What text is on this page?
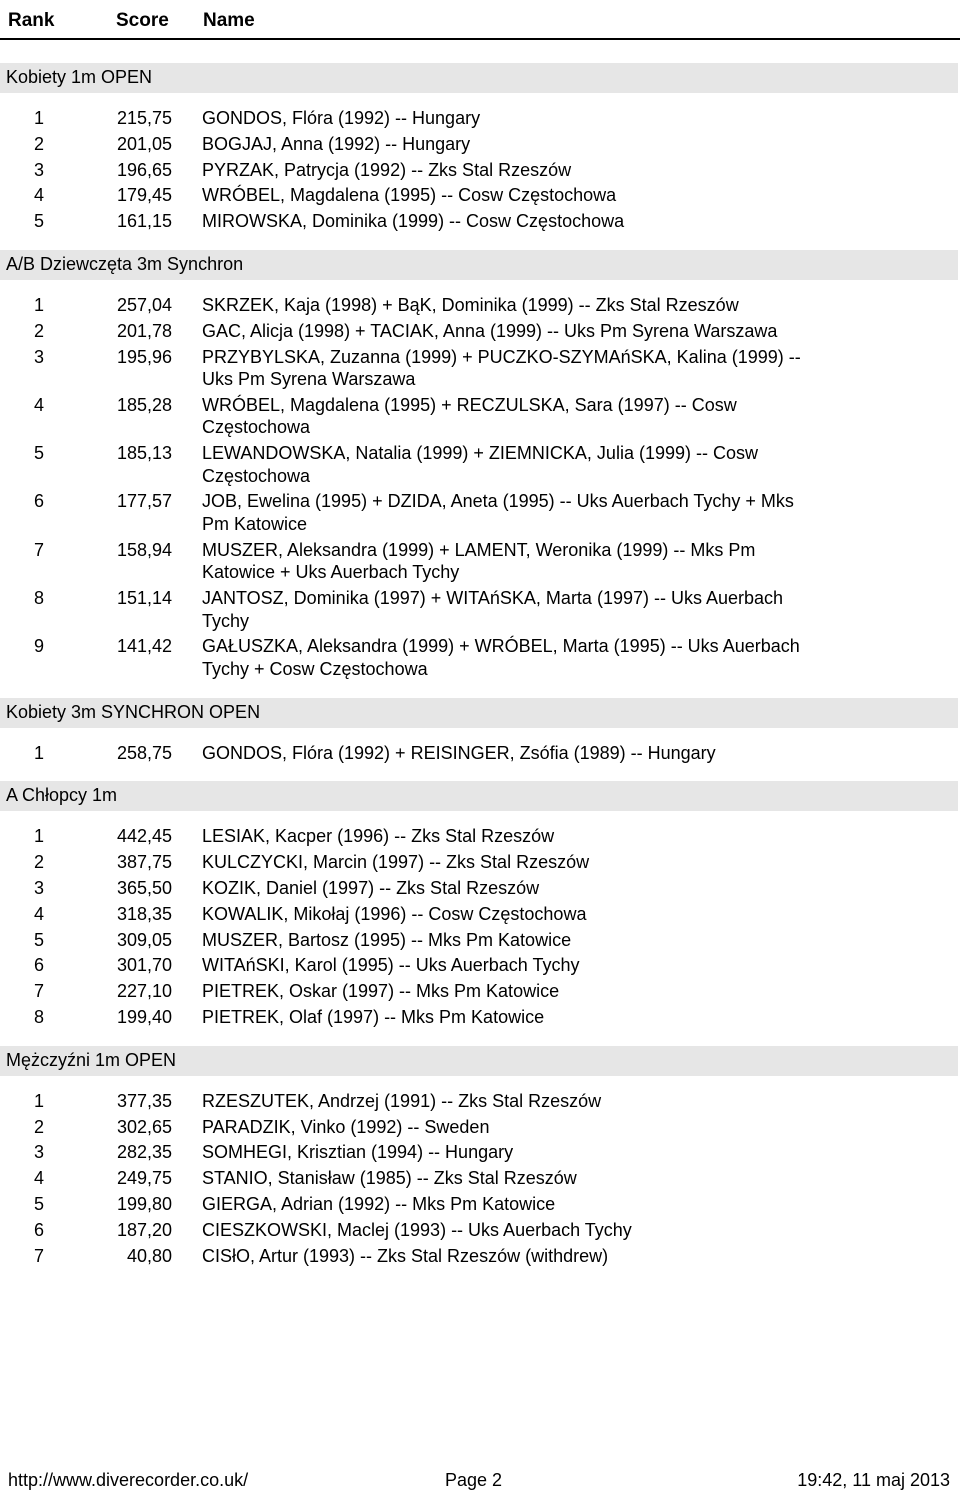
Rank	Score Name
Kobiety 1m OPEN
1	215,75 GONDOS, Flóra (1992) -- Hungary
2	201,05 BOGJAJ, Anna (1992) -- Hungary
3	196,65 PYRZAK, Patrycja (1992) -- Zks Stal Rzeszów
4	179,45 WRÓBEL, Magdalena (1995) -- Cosw Częstochowa
5	161,15 MIROWSKA, Dominika (1999) -- Cosw Częstochowa
A/B Dziewczęta 3m Synchron
1	257,04 SKRZEK, Kaja (1998) + BąK, Dominika (1999) -- Zks Stal Rzeszów
2	201,78 GAC, Alicja (1998) + TACIAK, Anna (1999) -- Uks Pm Syrena Warszawa
3	195,96 PRZYBYLSKA, Zuzanna (1999) + PUCZKO-SZYMAńSKA, Kalina (1999) -- Uks Pm Syrena Warszawa
4	185,28 WRÓBEL, Magdalena (1995) + RECZULSKA, Sara (1997) -- Cosw Częstochowa
5	185,13 LEWANDOWSKA, Natalia (1999) + ZIEMNICKA, Julia (1999) -- Cosw Częstochowa
6	177,57 JOB, Ewelina (1995) + DZIDA, Aneta (1995) -- Uks Auerbach Tychy + Mks Pm Katowice
7	158,94 MUSZER, Aleksandra (1999) + LAMENT, Weronika (1999) -- Mks Pm Katowice + Uks Auerbach Tychy
8	151,14 JANTOSZ, Dominika (1997) + WITAńSKA, Marta (1997) -- Uks Auerbach Tychy
9	141,42 GAŁUSZKA, Aleksandra (1999) + WRÓBEL, Marta (1995) -- Uks Auerbach Tychy + Cosw Częstochowa
Kobiety 3m SYNCHRON OPEN
1	258,75 GONDOS, Flóra (1992) + REISINGER, Zsófia (1989) -- Hungary
A Chłopcy 1m
1	442,45 LESIAK, Kacper (1996) -- Zks Stal Rzeszów
2	387,75 KULCZYCKI, Marcin (1997) -- Zks Stal Rzeszów
3	365,50 KOZIK, Daniel (1997) -- Zks Stal Rzeszów
4	318,35 KOWALIK, Mikołaj (1996) -- Cosw Częstochowa
5	309,05 MUSZER, Bartosz (1995) -- Mks Pm Katowice
6	301,70 WITAńSKI, Karol (1995) -- Uks Auerbach Tychy
7	227,10 PIETREK, Oskar (1997) -- Mks Pm Katowice
8	199,40 PIETREK, Olaf (1997) -- Mks Pm Katowice
Mężczyźni 1m OPEN
1	377,35 RZESZUTEK, Andrzej (1991) -- Zks Stal Rzeszów
2	302,65 PARADZIK, Vinko (1992) -- Sweden
3	282,35 SOMHEGI, Krisztian (1994) -- Hungary
4	249,75 STANIO, Stanisław (1985) -- Zks Stal Rzeszów
5	199,80 GIERGA, Adrian (1992) -- Mks Pm Katowice
6	187,20 CIESZKOWSKI, Maclej (1993) -- Uks Auerbach Tychy
7	40,80 CISłO, Artur (1993) -- Zks Stal Rzeszów (withdrew)
http://www.diverecorder.co.uk/	Page 2	19:42, 11 maj 2013
